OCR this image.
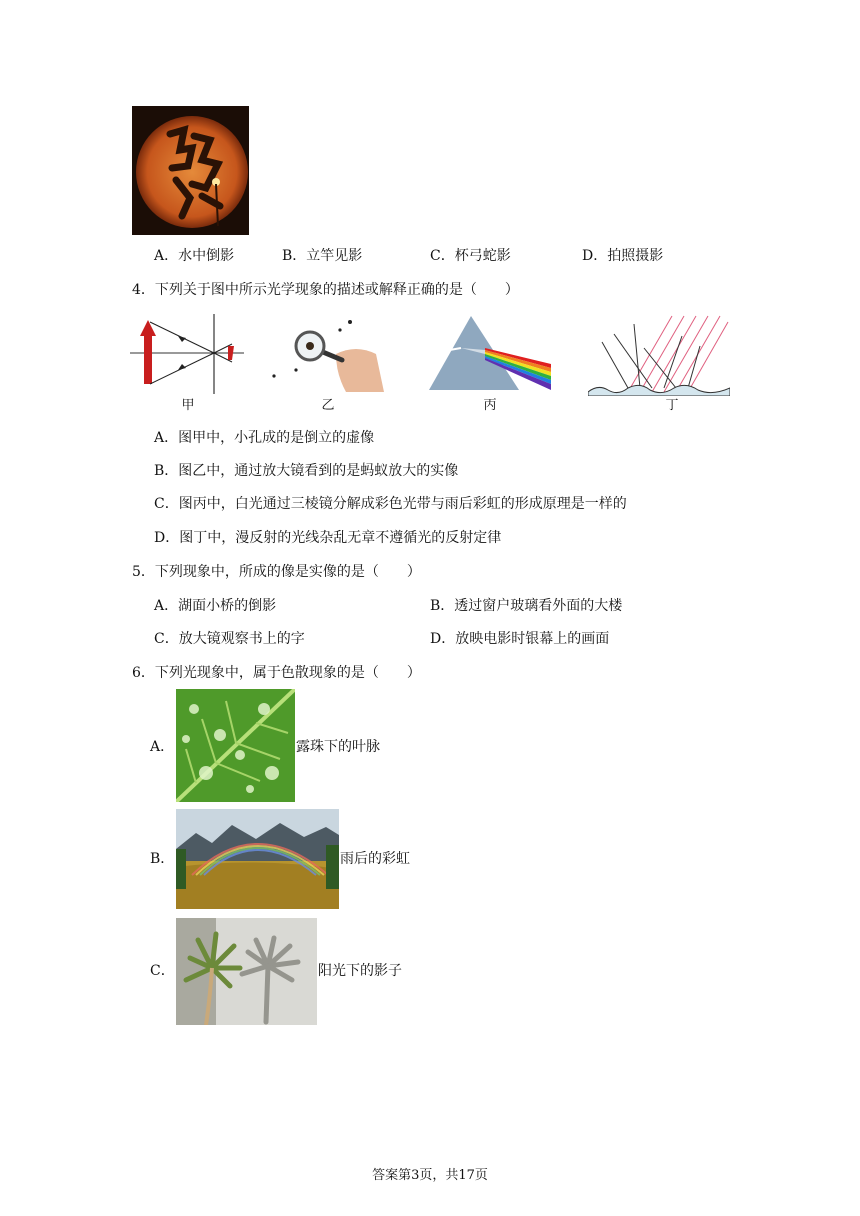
A．水中倒影	B．立竿见影	C．杯弓蛇影	D．拍照摄影
4．下列关于图中所示光学现象的描述或解释正确的是（　　）
甲	乙	丙	丁
A．图甲中，小孔成的是倒立的虚像
B．图乙中，通过放大镜看到的是蚂蚁放大的实像
C．图丙中，白光通过三棱镜分解成彩色光带与雨后彩虹的形成原理是一样的
D．图丁中，漫反射的光线杂乱无章不遵循光的反射定律
5．下列现象中，所成的像是实像的是（　　）
A．湖面小桥的倒影	B．透过窗户玻璃看外面的大楼
C．放大镜观察书上的字	D．放映电影时银幕上的画面
6．下列光现象中，属于色散现象的是（　　）
A．	露珠下的叶脉
B．	雨后的彩虹
C．	阳光下的影子
答案第3页，共17页
